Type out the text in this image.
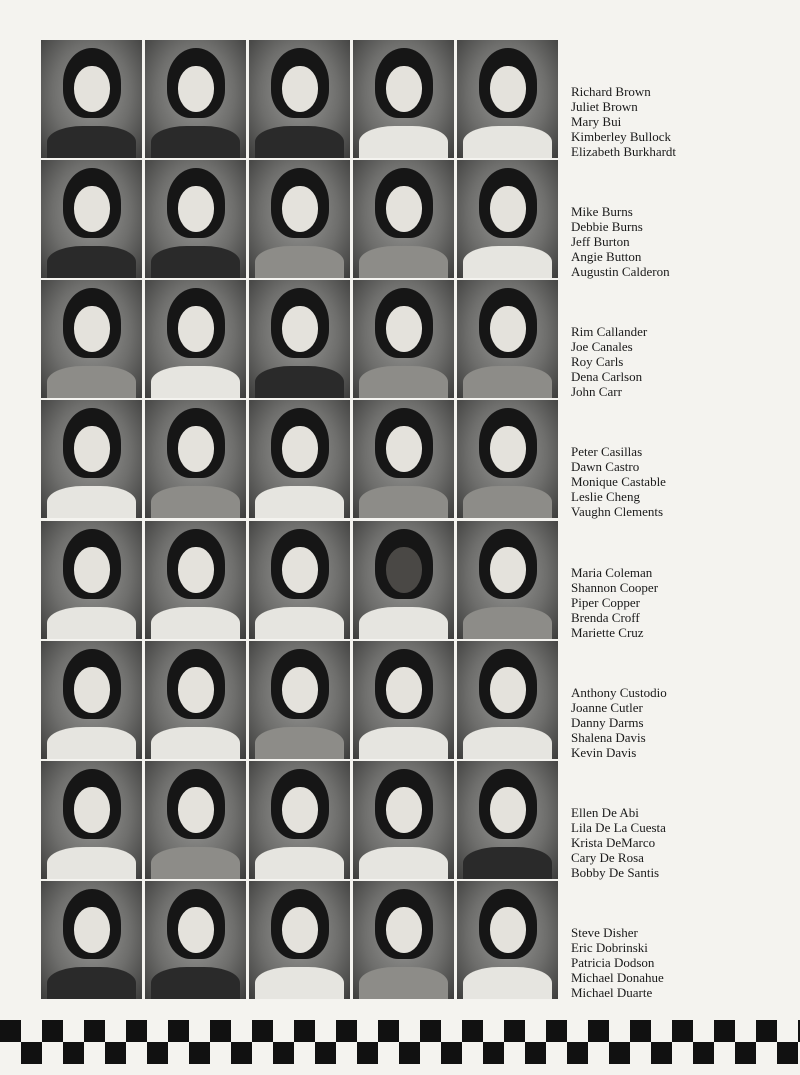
Richard Brown
Juliet Brown
Mary Bui
Kimberley Bullock
Elizabeth Burkhardt
Mike Burns
Debbie Burns
Jeff Burton
Angie Button
Augustin Calderon
Rim Callander
Joe Canales
Roy Carls
Dena Carlson
John Carr
Peter Casillas
Dawn Castro
Monique Castable
Leslie Cheng
Vaughn Clements
Maria Coleman
Shannon Cooper
Piper Copper
Brenda Croff
Mariette Cruz
Anthony Custodio
Joanne Cutler
Danny Darms
Shalena Davis
Kevin Davis
Ellen De Abi
Lila De La Cuesta
Krista DeMarco
Cary De Rosa
Bobby De Santis
Steve Disher
Eric Dobrinski
Patricia Dodson
Michael Donahue
Michael Duarte
